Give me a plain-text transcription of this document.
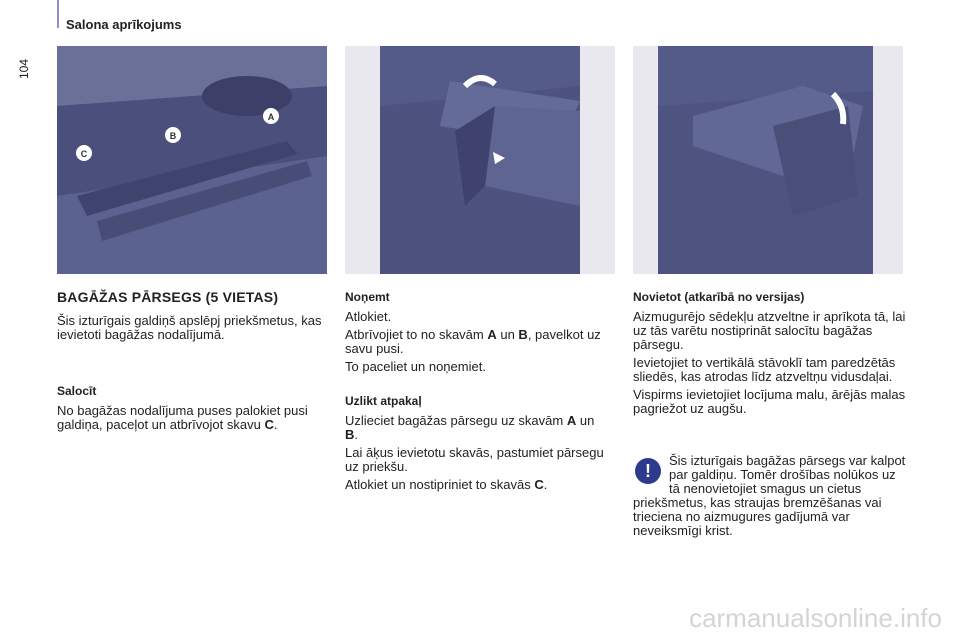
104
Salona aprīkojums
A
B
C
BAGĀŽAS PĀRSEGS (5 VIETAS)

Šis izturīgais galdiņš apslēpj priekšmetus, kas ievietoti bagāžas nodalījumā.

Salocīt

No bagāžas nodalījuma puses palokiet pusi galdiņa, paceļot un atbrīvojot skavu C.

Noņemt

Atlokiet.

Atbrīvojiet to no skavām A un B, pavelkot uz savu pusi.

To paceliet un noņemiet.

Uzlikt atpakaļ

Uzlieciet bagāžas pārsegu uz skavām A un B.

Lai āķus ievietotu skavās, pastumiet pārsegu uz priekšu.

Atlokiet un nostipriniet to skavās C.

Novietot (atkarībā no versijas)

Aizmugurējo sēdekļu atzveltne ir aprīkota tā, lai uz tās varētu nostiprināt salocītu bagāžas pārsegu.

Ievietojiet to vertikālā stāvoklī tam paredzētās sliedēs, kas atrodas līdz atzveltņu vidusdaļai.

Vispirms ievietojiet locījuma malu, ārējās malas pagriežot uz augšu.

!
Šis izturīgais bagāžas pārsegs var kalpot par galdiņu. Tomēr drošības nolūkos uz tā nenovietojiet smagus un cietus priekšmetus, kas straujas bremzēšanas vai trieciena no aizmugures gadījumā var neveiksmīgi krist.
carmanualsonline.info
